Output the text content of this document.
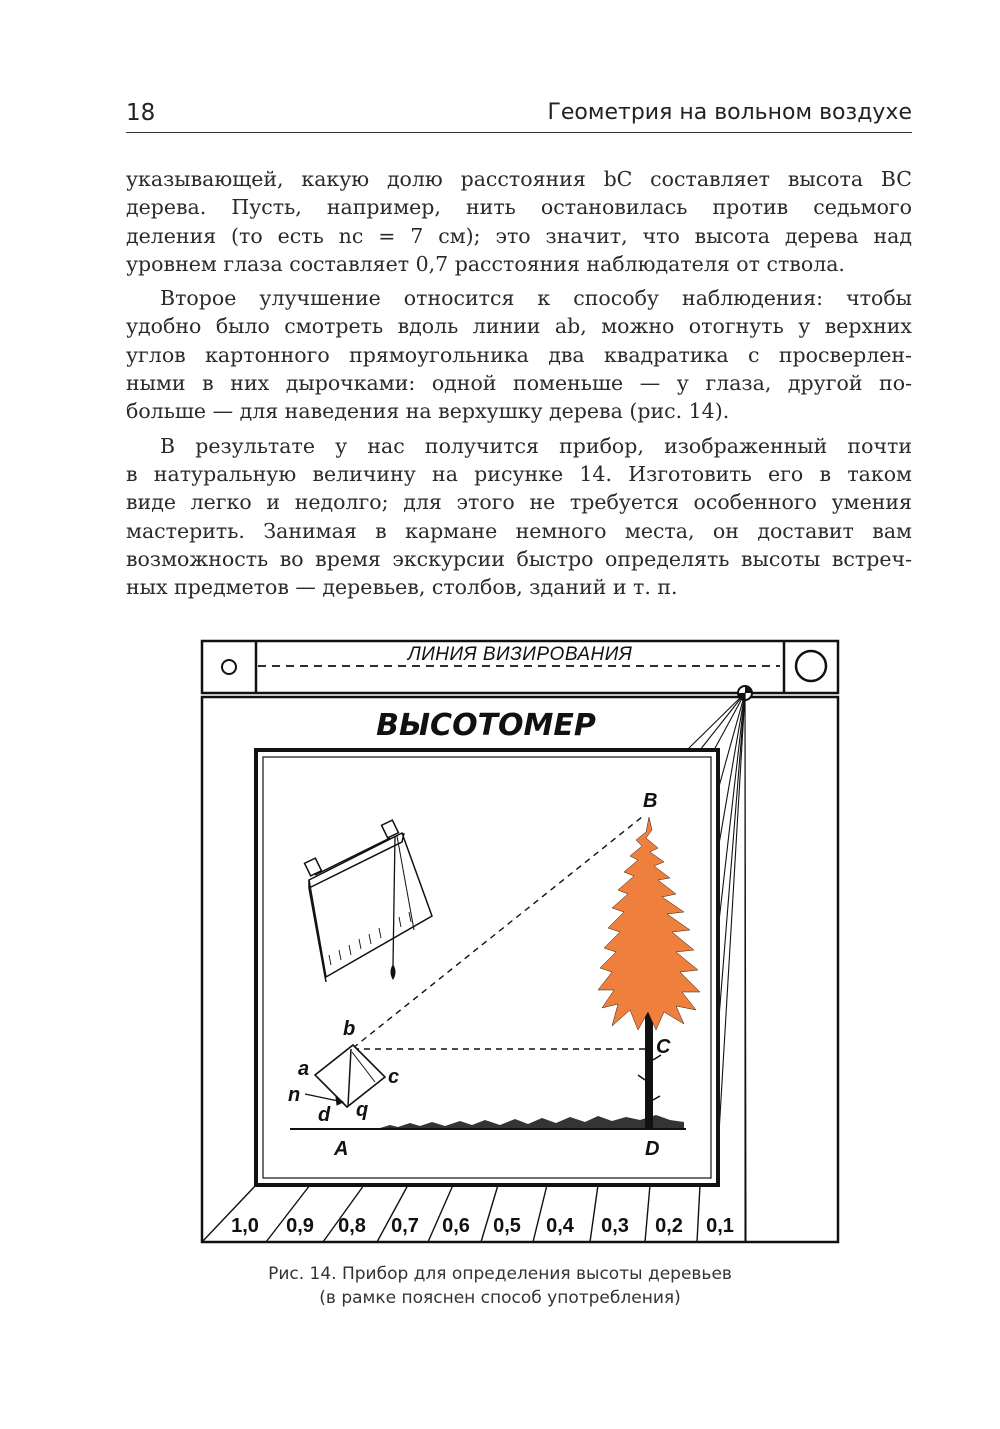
18	Геометрия на вольном воздухе
указывающей, какую долю расстояния bC составляет высота BC
дерева. Пусть, например, нить остановилась против седьмого
деления (то есть nc = 7 см); это значит, что высота дерева над
уровнем глаза составляет 0,7 расстояния наблюдателя от ствола.
Второе улучшение относится к способу наблюдения: чтобы
удобно было смотреть вдоль линии ab, можно отогнуть у верхних
углов картонного прямоугольника два квадратика с просверлен-
ными в них дырочками: одной поменьше — у глаза, другой по-
больше — для наведения на верхушку дерева (рис. 14).
В результате у нас получится прибор, изображенный почти
в натуральную величину на рисунке 14. Изготовить его в таком
виде легко и недолго; для этого не требуется особенного умения
мастерить. Занимая в кармане немного места, он доставит вам
возможность во время экскурсии быстро определять высоты встреч-
ных предметов — деревьев, столбов, зданий и т. п.
ЛИНИЯ ВИЗИРОВАНИЯ
ВЫСОТОМЕР
B
C
D
A
b
a	c
n
d q
1,0 0,9 0,8 0,7 0,6 0,5 0,4 0,3 0,2 0,1
Рис. 14. Прибор для определения высоты деревьев
(в рамке пояснен способ употребления)
